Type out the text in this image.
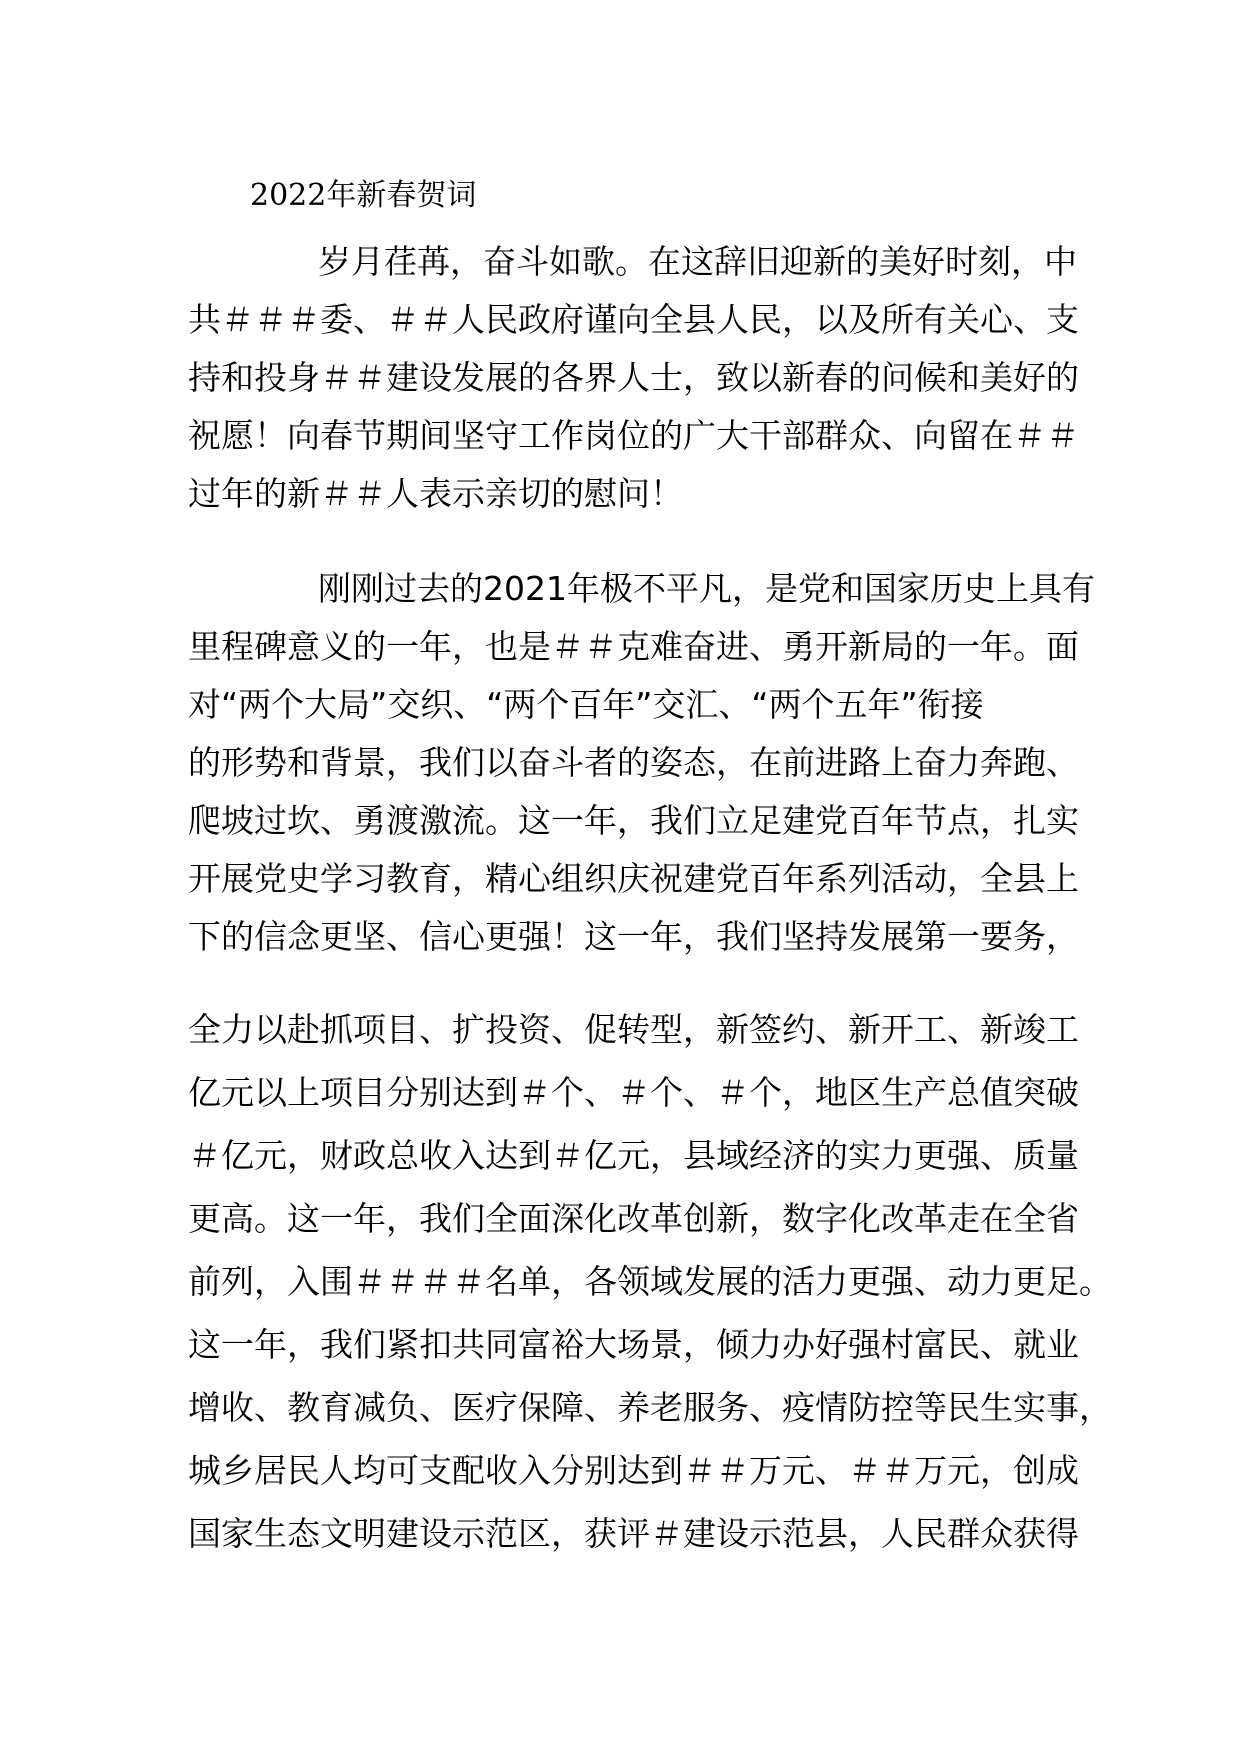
2022年新春贺词
岁月荏苒，奋斗如歌。在这辞旧迎新的美好时刻，中
共＃＃＃委、＃＃人民政府谨向全县人民，以及所有关心、支
持和投身＃＃建设发展的各界人士，致以新春的问候和美好的
祝愿！向春节期间坚守工作岗位的广大干部群众、向留在＃＃
过年的新＃＃人表示亲切的慰问！
刚刚过去的2021年极不平凡，是党和国家历史上具有
里程碑意义的一年，也是＃＃克难奋进、勇开新局的一年。面
对“两个大局”交织、“两个百年”交汇、“两个五年”衔接
的形势和背景，我们以奋斗者的姿态，在前进路上奋力奔跑、
爬坡过坎、勇渡激流。这一年，我们立足建党百年节点，扎实
开展党史学习教育，精心组织庆祝建党百年系列活动，全县上
下的信念更坚、信心更强！这一年，我们坚持发展第一要务，
全力以赴抓项目、扩投资、促转型，新签约、新开工、新竣工
亿元以上项目分别达到＃个、＃个、＃个，地区生产总值突破
＃亿元，财政总收入达到＃亿元，县域经济的实力更强、质量
更高。这一年，我们全面深化改革创新，数字化改革走在全省
前列，入围＃＃＃＃名单，各领域发展的活力更强、动力更足。
这一年，我们紧扣共同富裕大场景，倾力办好强村富民、就业
增收、教育减负、医疗保障、养老服务、疫情防控等民生实事，
城乡居民人均可支配收入分别达到＃＃万元、＃＃万元，创成
国家生态文明建设示范区，获评＃建设示范县，人民群众获得
